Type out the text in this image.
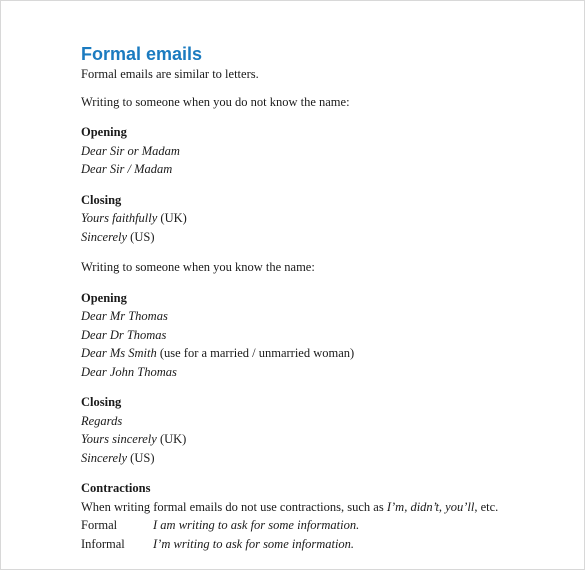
Formal emails

Formal emails are similar to letters.

Writing to someone when you do not know the name:

Opening

Dear Sir or Madam

Dear Sir / Madam

Closing

Yours faithfully (UK)

Sincerely (US)

Writing to someone when you know the name:

Opening

Dear Mr Thomas

Dear Dr Thomas

Dear Ms Smith (use for a married / unmarried woman)

Dear John Thomas

Closing

Regards

Yours sincerely (UK)

Sincerely (US)

Contractions

When writing formal emails do not use contractions, such as I’m, didn’t, you’ll, etc.

Formal	I am writing to ask for some information.
Informal	I’m writing to ask for some information.
